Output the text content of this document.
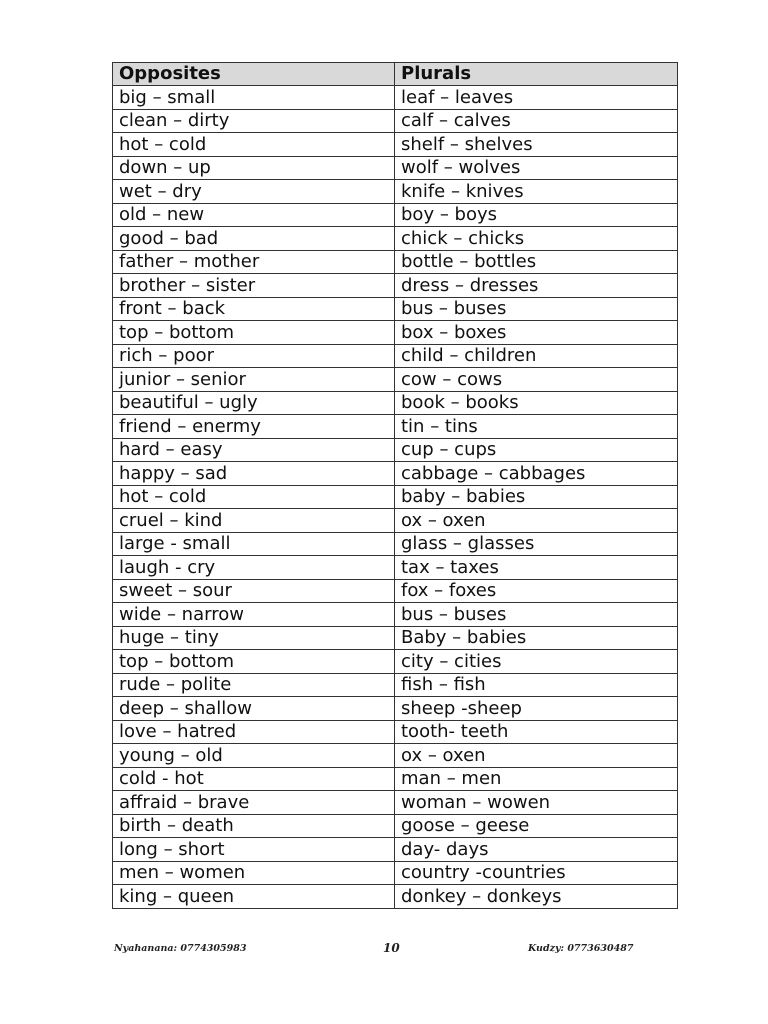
Opposites	Plurals
big – small	leaf – leaves
clean – dirty	calf – calves
hot – cold	shelf – shelves
down – up	wolf – wolves
wet – dry	knife – knives
old – new	boy – boys
good – bad	chick – chicks
father – mother	bottle – bottles
brother – sister	dress – dresses
front – back	bus – buses
top – bottom	box – boxes
rich – poor	child – children
junior – senior	cow – cows
beautiful – ugly	book – books
friend – enermy	tin – tins
hard – easy	cup – cups
happy – sad	cabbage – cabbages
hot – cold	baby – babies
cruel – kind	ox – oxen
large - small	glass – glasses
laugh - cry	tax – taxes
sweet – sour	fox – foxes
wide – narrow	bus – buses
huge – tiny	Baby – babies
top – bottom	city – cities
rude – polite	fish – fish
deep – shallow	sheep -sheep
love – hatred	tooth- teeth
young – old	ox – oxen
cold - hot	man – men
affraid – brave	woman – wowen
birth – death	goose – geese
long – short	day- days
men – women	country -countries
king – queen	donkey – donkeys
Nyahanana: 0774305983	10	Kudzy: 0773630487
